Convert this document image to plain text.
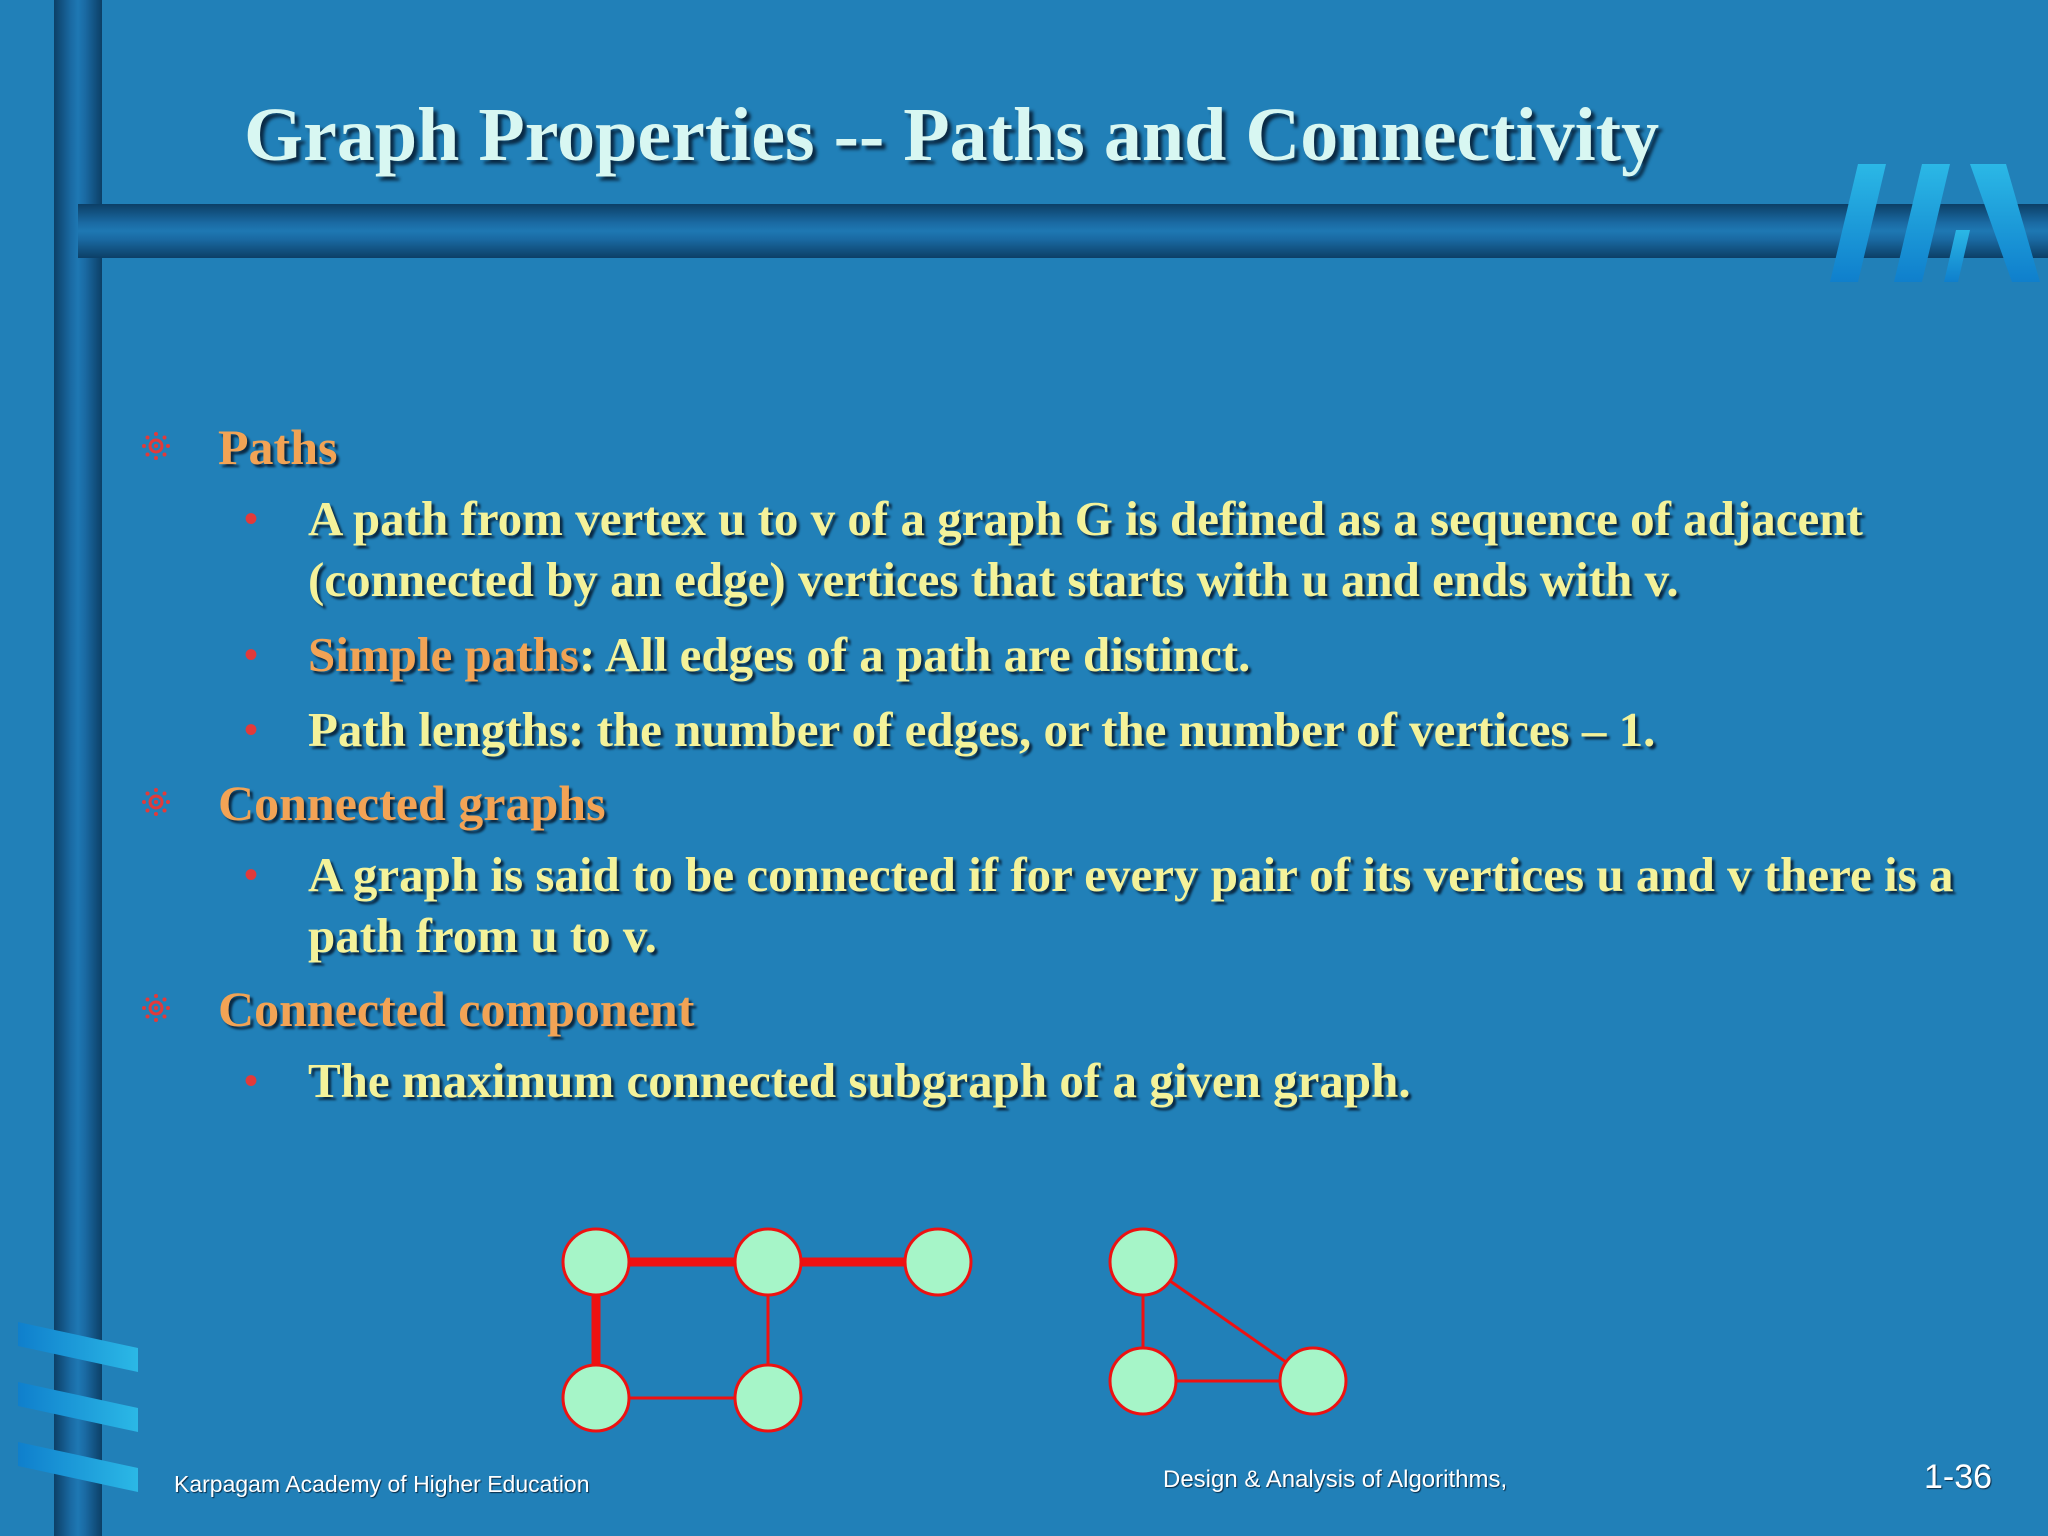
Graph Properties -- Paths and Connectivity
Paths
• A path from vertex u to v of a graph G is defined as a sequence of adjacent (connected by an edge) vertices that starts with u and ends with v.
• Simple paths: All edges of a path are distinct.
• Path lengths: the number of edges, or the number of vertices – 1.
Connected graphs
• A graph is said to be connected if for every pair of its vertices u and v there is a path from u to v.
Connected component
• The maximum connected subgraph of a given graph.
Karpagam Academy of Higher Education	Design & Analysis of Algorithms,	1-36
